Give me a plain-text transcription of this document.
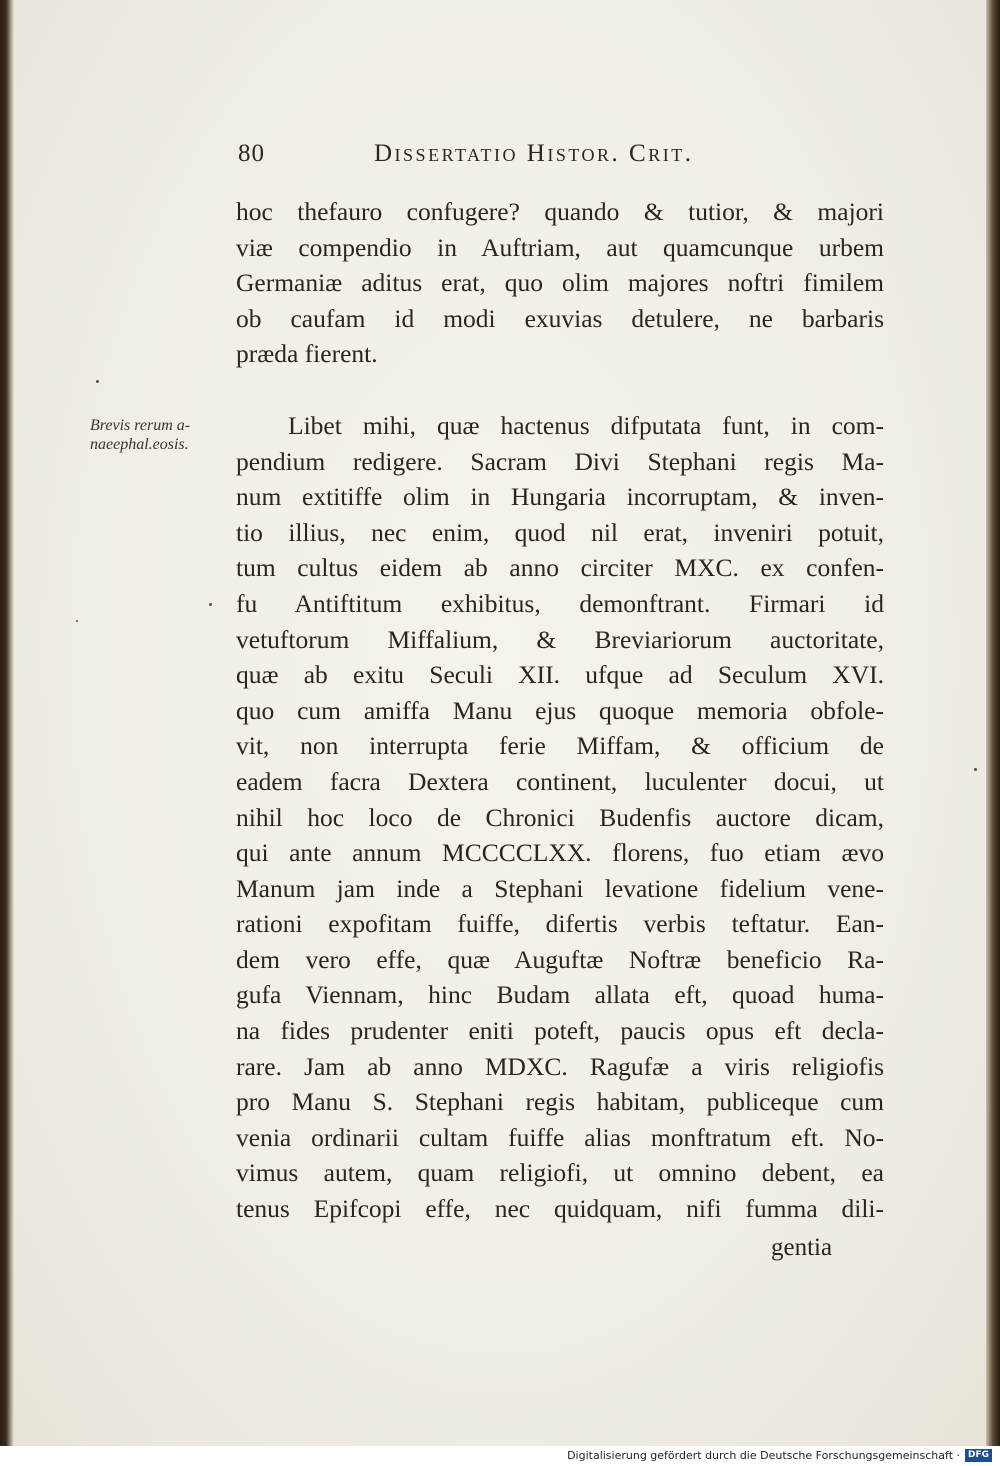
80	Dissertatio Histor. Crit.
Brevis rerum a-
naeephal.eosis.
hoc thefauro confugere? quando & tutior, & majori
viæ compendio in Auftriam, aut quamcunque urbem
Germaniæ aditus erat, quo olim majores noftri fimilem
ob caufam id modi exuvias detulere, ne barbaris
præda fierent.
Libet mihi, quæ hactenus difputata funt, in com-
pendium redigere. Sacram Divi Stephani regis Ma-
num extitiffe olim in Hungaria incorruptam, & inven-
tio illius, nec enim, quod nil erat, inveniri potuit,
tum cultus eidem ab anno circiter MXC. ex confen-
fu Antiftitum exhibitus, demonftrant. Firmari id
vetuftorum Miffalium, & Breviariorum auctoritate,
quæ ab exitu Seculi XII. ufque ad Seculum XVI.
quo cum amiffa Manu ejus quoque memoria obfole-
vit, non interrupta ferie Miffam, & officium de
eadem facra Dextera continent, luculenter docui, ut
nihil hoc loco de Chronici Budenfis auctore dicam,
qui ante annum MCCCCLXX. florens, fuo etiam ævo
Manum jam inde a Stephani levatione fidelium vene-
rationi expofitam fuiffe, difertis verbis teftatur. Ean-
dem vero effe, quæ Auguftæ Noftræ beneficio Ra-
gufa Viennam, hinc Budam allata eft, quoad huma-
na fides prudenter eniti poteft, paucis opus eft decla-
rare. Jam ab anno MDXC. Ragufæ a viris religiofis
pro Manu S. Stephani regis habitam, publiceque cum
venia ordinarii cultam fuiffe alias monftratum eft. No-
vimus autem, quam religiofi, ut omnino debent, ea
tenus Epifcopi effe, nec quidquam, nifi fumma dili-
gentia
Digitalisierung gefördert durch die Deutsche Forschungsgemeinschaft · DFG
